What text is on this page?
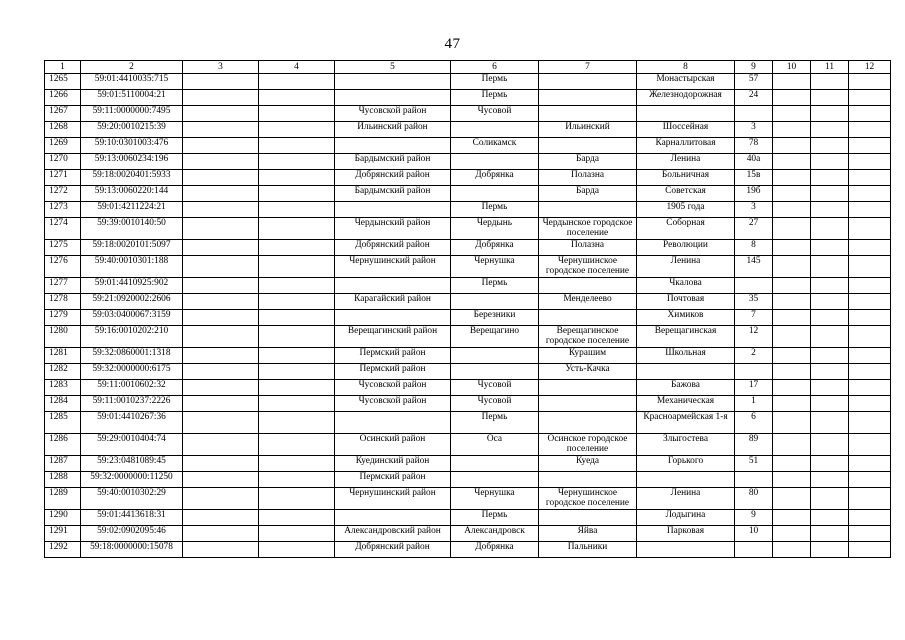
47
1	2	3	4	5	6	7	8	9	10	11	12
1265	59:01:4410035:715				Пермь		Монастырская	57			
1266	59:01:5110004:21				Пермь		Железнодорожная	24			
1267	59:11:0000000:7495			Чусовской район	Чусовой						
1268	59:20:0010215:39			Ильинский район		Ильинский	Шоссейная	3			
1269	59:10:0301003:476				Соликамск		Карналлитовая	78			
1270	59:13:0060234:196			Бардымский район		Барда	Ленина	40а			
1271	59:18:0020401:5933			Добрянский район	Добрянка	Полазна	Больничная	15в			
1272	59:13:0060220:144			Бардымский район		Барда	Советская	19б			
1273	59:01:4211224:21				Пермь		1905 года	3			
1274	59:39:0010140:50			Чердынский район	Чердынь	Чердынское городское поселение	Соборная	27			
1275	59:18:0020101:5097			Добрянский район	Добрянка	Полазна	Революции	8			
1276	59:40:0010301:188			Чернушинский район	Чернушка	Чернушинское городское поселение	Ленина	145			
1277	59:01:4410925:902				Пермь		Чкалова				
1278	59:21:0920002:2606			Карагайский район		Менделеево	Почтовая	35			
1279	59:03:0400067:3159				Березники		Химиков	7			
1280	59:16:0010202:210			Верещагинский район	Верещагино	Верещагинское городское поселение	Верещагинская	12			
1281	59:32:0860001:1318			Пермский район		Курашим	Школьная	2			
1282	59:32:0000000:6175			Пермский район		Усть-Качка					
1283	59:11:0010602:32			Чусовской район	Чусовой		Бажова	17			
1284	59:11:0010237:2226			Чусовской район	Чусовой		Механическая	1			
1285	59:01:4410267:36				Пермь		Красноармейская 1-я	6			
1286	59:29:0010404:74			Осинский район	Оса	Осинское городское поселение	Злыгостева	89			
1287	59:23:0481089:45			Куединский район		Куеда	Горького	51			
1288	59:32:0000000:11250			Пермский район							
1289	59:40:0010302:29			Чернушинский район	Чернушка	Чернушинское городское поселение	Ленина	80			
1290	59:01:4413618:31				Пермь		Лодыгина	9			
1291	59:02:0902095:46			Александровский район	Александровск	Яйва	Парковая	10			
1292	59:18:0000000:15078			Добрянский район	Добрянка	Пальники					
